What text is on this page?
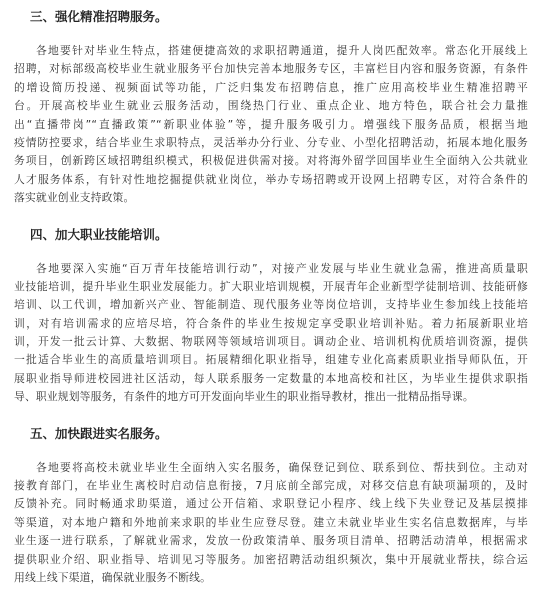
三、强化精准招聘服务。
各地要针对毕业生特点，搭建便捷高效的求职招聘通道，提升人岗匹配效率。常态化开展线上
招聘，对标部级高校毕业生就业服务平台加快完善本地服务专区，丰富栏目内容和服务资源，有条件
的增设简历投递、视频面试等功能，广泛归集发布招聘信息，推广应用高校毕业生精准招聘平
台。开展高校毕业生就业云服务活动，围绕热门行业、重点企业、地方特色，联合社会力量推
出“直播带岗”“直播政策”“新职业体验”等，提升服务吸引力。增强线下服务品质，根据当地
疫情防控要求，结合毕业生求职特点，灵活举办分行业、分专业、小型化招聘活动，拓展本地化服务
务项目，创新跨区域招聘组织模式，积极促进供需对接。对将海外留学回国毕业生全面纳入公共就业
人才服务体系，有针对性地挖掘提供就业岗位，举办专场招聘或开设网上招聘专区，对符合条件的
落实就业创业支持政策。
四、加大职业技能培训。
各地要深入实施“百万青年技能培训行动”，对接产业发展与毕业生就业急需，推进高质量职
业技能培训，提升毕业生职业发展能力。扩大职业培训规模，开展青年企业新型学徒制培训、技能研修
培训、以工代训，增加新兴产业、智能制造、现代服务业等岗位培训，支持毕业生参加线上技能培
训，对有培训需求的应培尽培，符合条件的毕业生按规定享受职业培训补贴。着力拓展新职业培
训，开发一批云计算、大数据、物联网等领域培训项目。调动企业、培训机构优质培训资源，提供
一批适合毕业生的高质量培训项目。拓展精细化职业指导，组建专业化高素质职业指导师队伍，开
展职业指导师进校园进社区活动，每人联系服务一定数量的本地高校和社区，为毕业生提供求职指
导、职业规划等服务，有条件的地方可开发面向毕业生的职业指导教材，推出一批精品指导课。
五、加快跟进实名服务。
各地要将高校未就业毕业生全面纳入实名服务，确保登记到位、联系到位、帮扶到位。主动对
接教育部门，在毕业生离校时启动信息衔接，7月底前全部完成，对移交信息有缺项漏项的，及时
反馈补充。同时畅通求助渠道，通过公开信箱、求职登记小程序、线上线下失业登记及基层摸排
等渠道，对本地户籍和外地前来求职的毕业生应登尽登。建立未就业毕业生实名信息数据库，与毕
业生逐一进行联系，了解就业需求，发放一份政策清单、服务项目清单、招聘活动清单，根据需求
提供职业介绍、职业指导、培训见习等服务。加密招聘活动组织频次，集中开展就业帮扶，综合运
用线上线下渠道，确保就业服务不断线。
